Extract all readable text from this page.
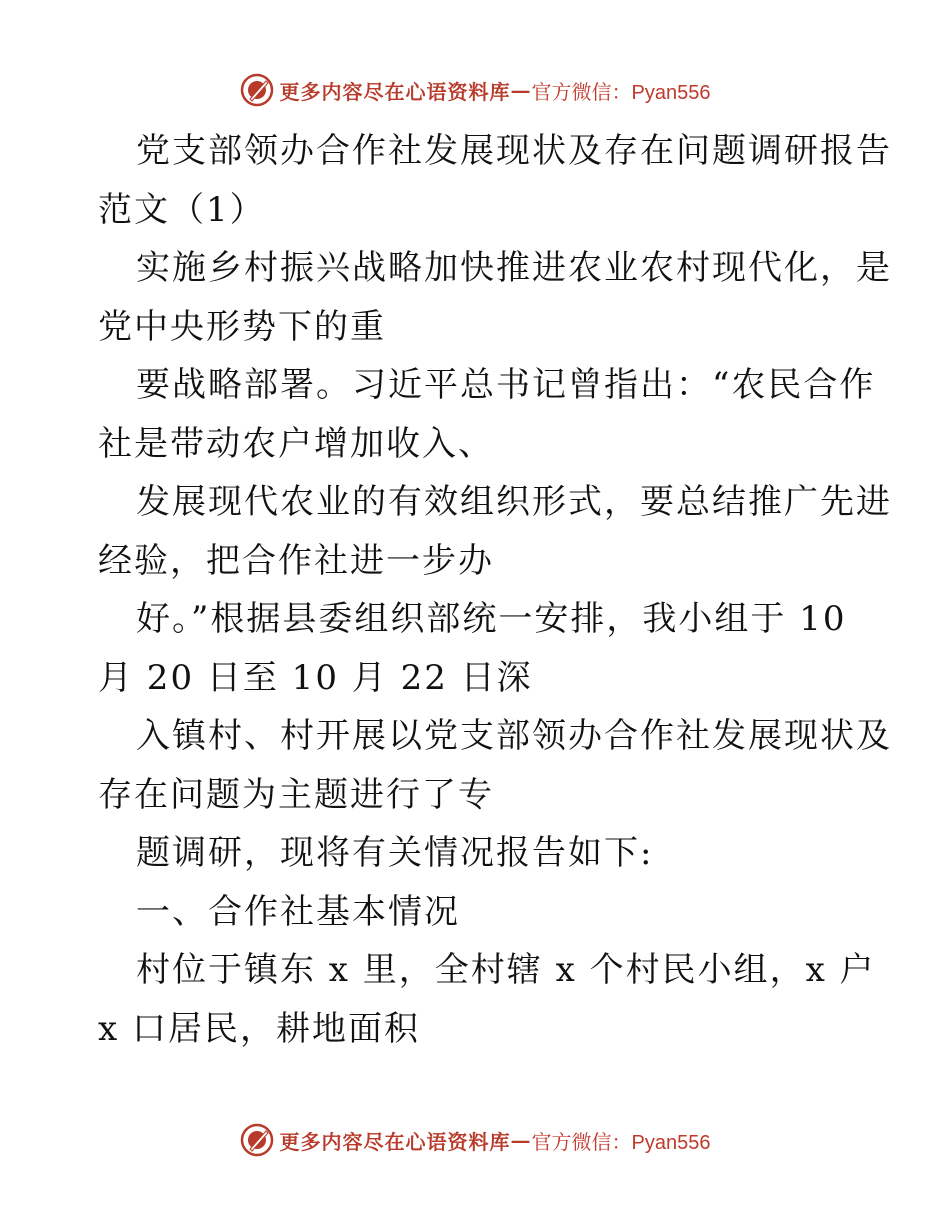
更多内容尽在心语资料库 — 官方微信：Pyan556
党支部领办合作社发展现状及存在问题调研报告
范文（1）
实施乡村振兴战略加快推进农业农村现代化，是
党中央形势下的重
要战略部署。习近平总书记曾指出：“农民合作
社是带动农户增加收入、
发展现代农业的有效组织形式，要总结推广先进
经验，把合作社进一步办
好。”根据县委组织部统一安排，我小组于 10
月 20 日至 10 月 22 日深
入镇村、村开展以党支部领办合作社发展现状及
存在问题为主题进行了专
题调研，现将有关情况报告如下:
一、合作社基本情况
村位于镇东 x 里，全村辖 x 个村民小组，x 户
x 口居民，耕地面积
更多内容尽在心语资料库 — 官方微信：Pyan556
